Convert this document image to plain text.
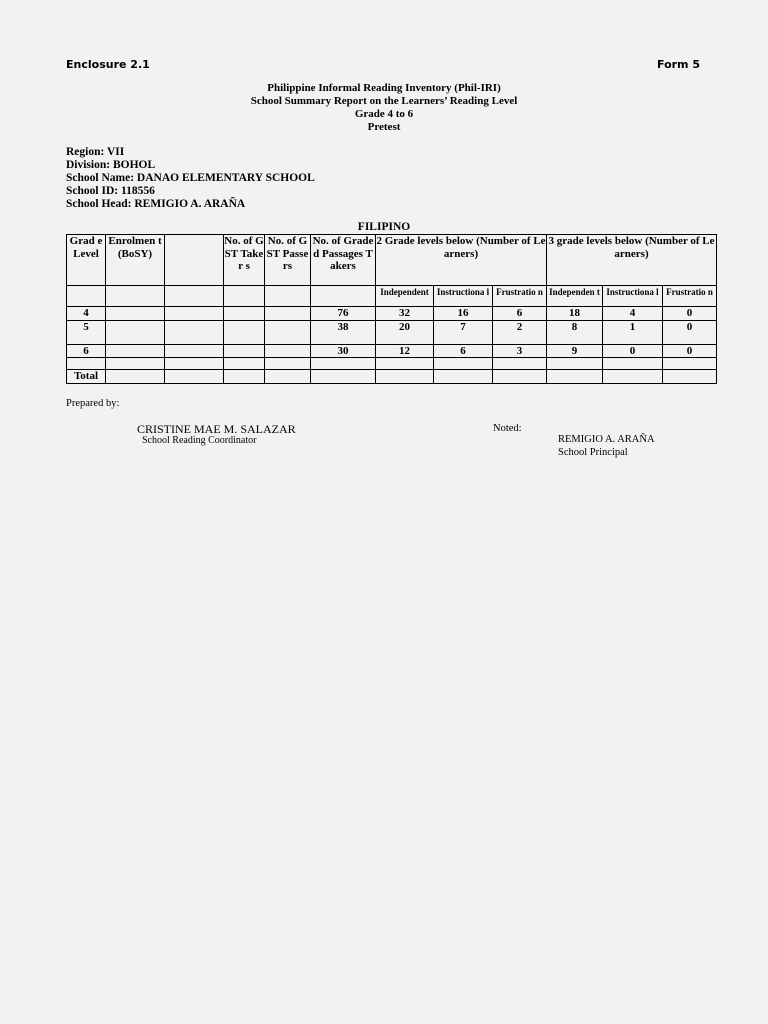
Enclosure 2.1	Form 5
Philippine Informal Reading Inventory (Phil-IRI)
School Summary Report on the Learners’ Reading Level
Grade 4 to 6
Pretest
Region: VII
Division: BOHOL
School Name: DANAO ELEMENTARY SCHOOL
School ID: 118556
School Head: REMIGIO A. ARAÑA
FILIPINO
Grad e Level	Enrolmen t (BoSY)		No. of GST Taker s	No. of GST Passers	No. of Graded Passages Takers	2 Grade levels below (Number of Learners)			3 grade levels below (Number of Learners)		
						Independent	Instructiona l	Frustratio n	Independen t	Instructiona l	Frustratio n
4					76	32	16	6	18	4	0
5					38	20	7	2	8	1	0
6					30	12	6	3	9	0	0

Total											
Prepared by:
CRISTINE MAE M. SALAZAR
School Reading Coordinator
Noted:
REMIGIO A. ARAÑA
School Principal
